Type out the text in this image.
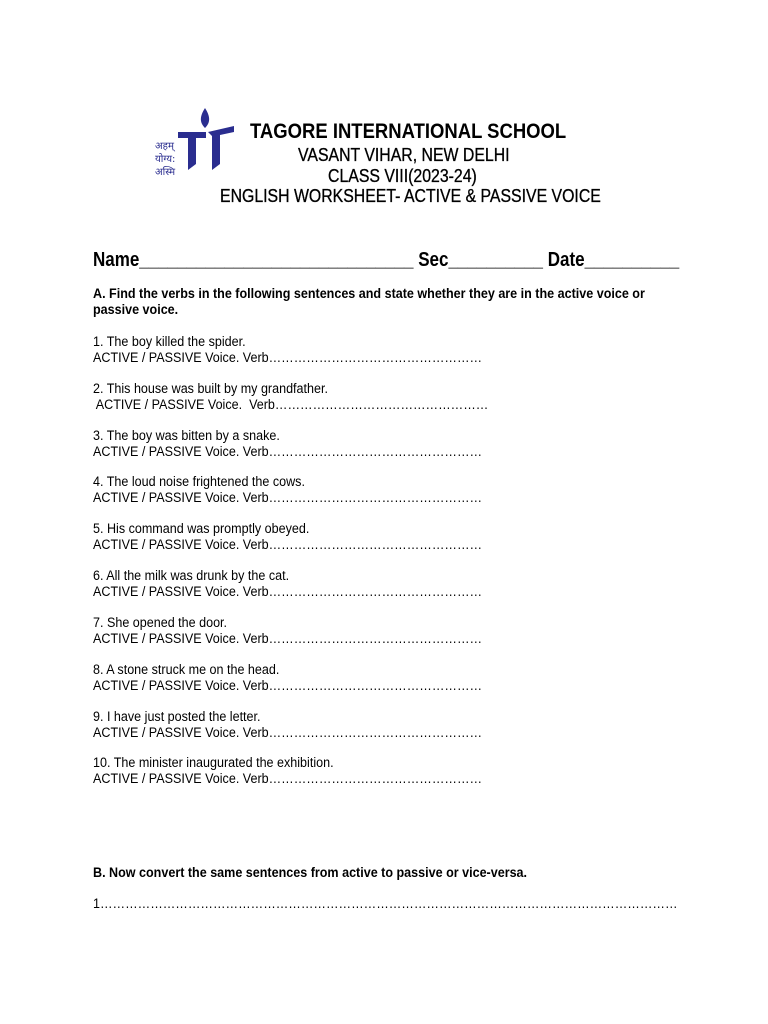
अहम् योग्य: अस्मि
TAGORE INTERNATIONAL SCHOOL
VASANT VIHAR, NEW DELHI
CLASS VIII(2023-24)
ENGLISH WORKSHEET- ACTIVE & PASSIVE VOICE
Name_____________________________ Sec__________ Date__________
A. Find the verbs in the following sentences and state whether they are in the active voice or passive voice.
1. The boy killed the spider.
ACTIVE / PASSIVE Voice. Verb……………………………………………
2. This house was built by my grandfather.
ACTIVE / PASSIVE Voice.  Verb……………………………………………
3. The boy was bitten by a snake.
ACTIVE / PASSIVE Voice. Verb……………………………………………
4. The loud noise frightened the cows.
ACTIVE / PASSIVE Voice. Verb……………………………………………
5. His command was promptly obeyed.
ACTIVE / PASSIVE Voice. Verb……………………………………………
6. All the milk was drunk by the cat.
ACTIVE / PASSIVE Voice. Verb……………………………………………
7. She opened the door.
ACTIVE / PASSIVE Voice. Verb……………………………………………
8. A stone struck me on the head.
ACTIVE / PASSIVE Voice. Verb……………………………………………
9. I have just posted the letter.
ACTIVE / PASSIVE Voice. Verb……………………………………………
10. The minister inaugurated the exhibition.
ACTIVE / PASSIVE Voice. Verb……………………………………………
B. Now convert the same sentences from active to passive or vice-versa.
1…………………………………………………………………………………………………………………………
